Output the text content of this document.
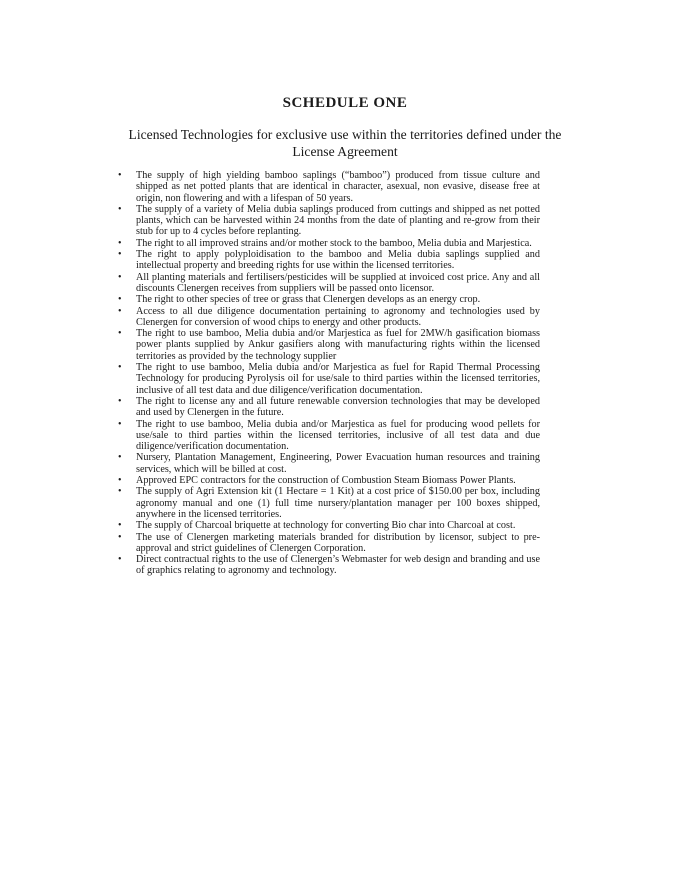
SCHEDULE ONE
Licensed Technologies for exclusive use within the territories defined under the License Agreement
• The supply of high yielding bamboo saplings (“bamboo”) produced from tissue culture and shipped as net potted plants that are identical in character, asexual, non evasive, disease free at origin, non flowering and with a lifespan of 50 years.
• The supply of a variety of Melia dubia saplings produced from cuttings and shipped as net potted plants, which can be harvested within 24 months from the date of planting and re-grow from their stub for up to 4 cycles before replanting.
• The right to all improved strains and/or mother stock to the bamboo, Melia dubia and Marjestica.
• The right to apply polyploidisation to the bamboo and Melia dubia saplings supplied and intellectual property and breeding rights for use within the licensed territories.
• All planting materials and fertilisers/pesticides will be supplied at invoiced cost price. Any and all discounts Clenergen receives from suppliers will be passed onto licensor.
• The right to other species of tree or grass that Clenergen develops as an energy crop.
• Access to all due diligence documentation pertaining to agronomy and technologies used by Clenergen for conversion of wood chips to energy and other products.
• The right to use bamboo, Melia dubia and/or Marjestica as fuel for 2MW/h gasification biomass power plants supplied by Ankur gasifiers along with manufacturing rights within the licensed territories as provided by the technology supplier
• The right to use bamboo, Melia dubia and/or Marjestica as fuel for Rapid Thermal Processing Technology for producing Pyrolysis oil for use/sale to third parties within the licensed territories, inclusive of all test data and due diligence/verification documentation.
• The right to license any and all future renewable conversion technologies that may be developed and used by Clenergen in the future.
• The right to use bamboo, Melia dubia and/or Marjestica as fuel for producing wood pellets for use/sale to third parties within the licensed territories, inclusive of all test data and due diligence/verification documentation.
• Nursery, Plantation Management, Engineering, Power Evacuation human resources and training services, which will be billed at cost.
• Approved EPC contractors for the construction of Combustion Steam Biomass Power Plants.
• The supply of Agri Extension kit (1 Hectare = 1 Kit) at a cost price of $150.00 per box, including agronomy manual and one (1) full time nursery/plantation manager per 100 boxes shipped, anywhere in the licensed territories.
• The supply of Charcoal briquette at technology for converting Bio char into Charcoal at cost.
• The use of Clenergen marketing materials branded for distribution by licensor, subject to pre-approval and strict guidelines of Clenergen Corporation.
• Direct contractual rights to the use of Clenergen’s Webmaster for web design and branding and use of graphics relating to agronomy and technology.
